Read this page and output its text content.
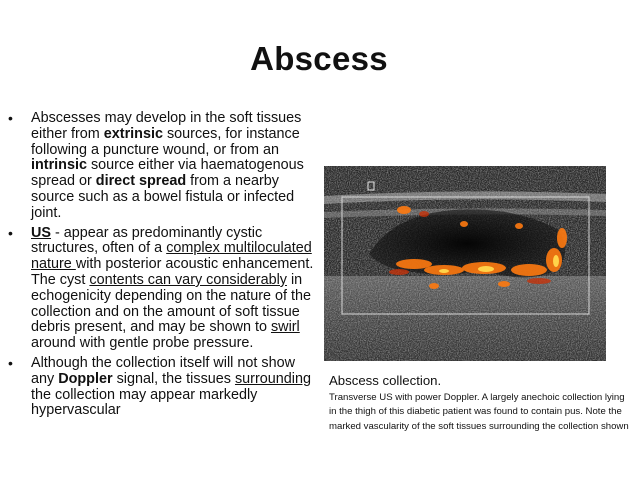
Abscess
• Abscesses may develop in the soft tissues either from extrinsic sources, for instance following a puncture wound, or from an intrinsic source either via haematogenous spread or direct spread from a nearby source such as a bowel fistula or infected joint.
• US - appear as predominantly cystic structures, often of a complex multiloculated nature with posterior acoustic enhancement. The cyst contents can vary considerably in echogenicity depending on the nature of the collection and on the amount of soft tissue debris present, and may be shown to swirl around with gentle probe pressure.
• Although the collection itself will not show any Doppler signal, the tissues surrounding the collection may appear markedly hypervascular
Abscess collection.
Transverse US with power Doppler. A largely anechoic collection lying in the thigh of this diabetic patient was found to contain pus. Note the marked vascularity of the soft tissues surrounding the collection shown
